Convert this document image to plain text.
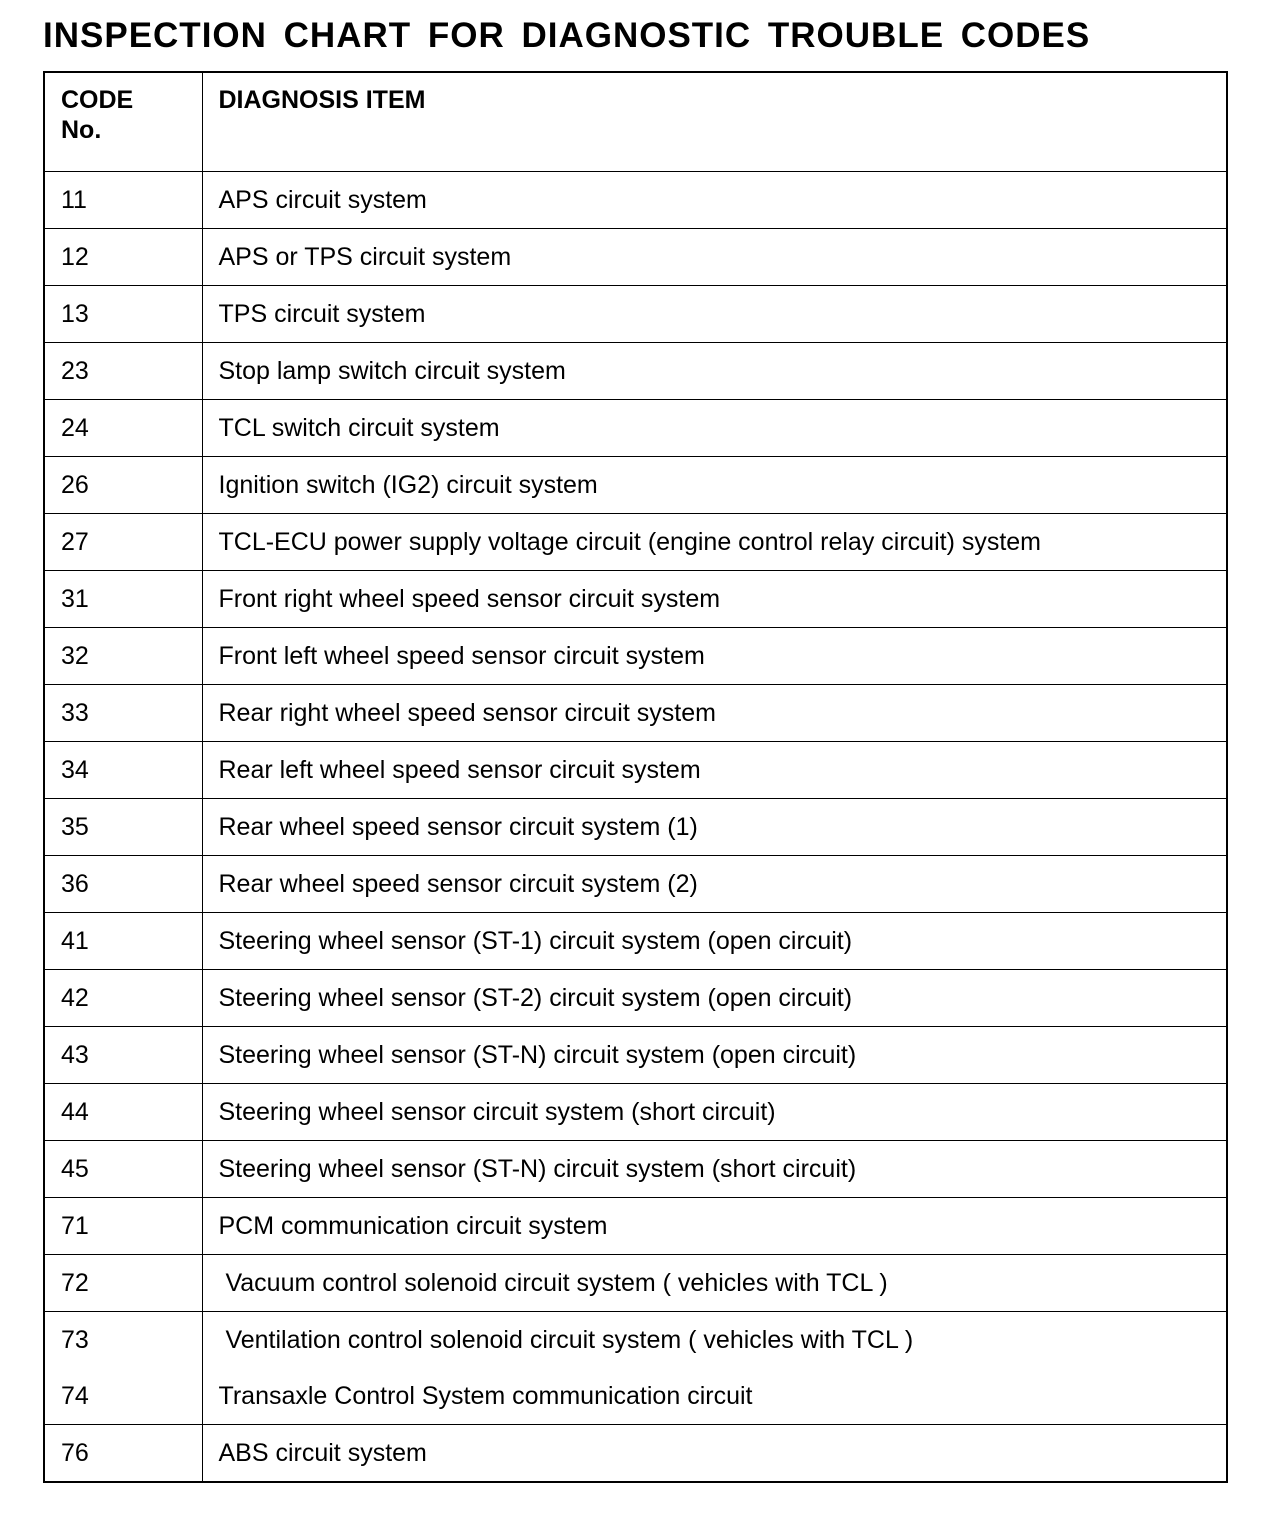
INSPECTION CHART FOR DIAGNOSTIC TROUBLE CODES
CODE
No.	DIAGNOSIS ITEM
11	APS circuit system
12	APS or TPS circuit system
13	TPS circuit system
23	Stop lamp switch circuit system
24	TCL switch circuit system
26	Ignition switch (IG2) circuit system
27	TCL-ECU power supply voltage circuit (engine control relay circuit) system
31	Front right wheel speed sensor circuit system
32	Front left wheel speed sensor circuit system
33	Rear right wheel speed sensor circuit system
34	Rear left wheel speed sensor circuit system
35	Rear wheel speed sensor circuit system (1)
36	Rear wheel speed sensor circuit system (2)
41	Steering wheel sensor (ST-1) circuit system (open circuit)
42	Steering wheel sensor (ST-2) circuit system (open circuit)
43	Steering wheel sensor (ST-N) circuit system (open circuit)
44	Steering wheel sensor circuit system (short circuit)
45	Steering wheel sensor (ST-N) circuit system (short circuit)
71	PCM communication circuit system
72	Vacuum control solenoid circuit system ( vehicles with TCL )
73	Ventilation control solenoid circuit system ( vehicles with TCL )
74	Transaxle Control System communication circuit
76	ABS circuit system
